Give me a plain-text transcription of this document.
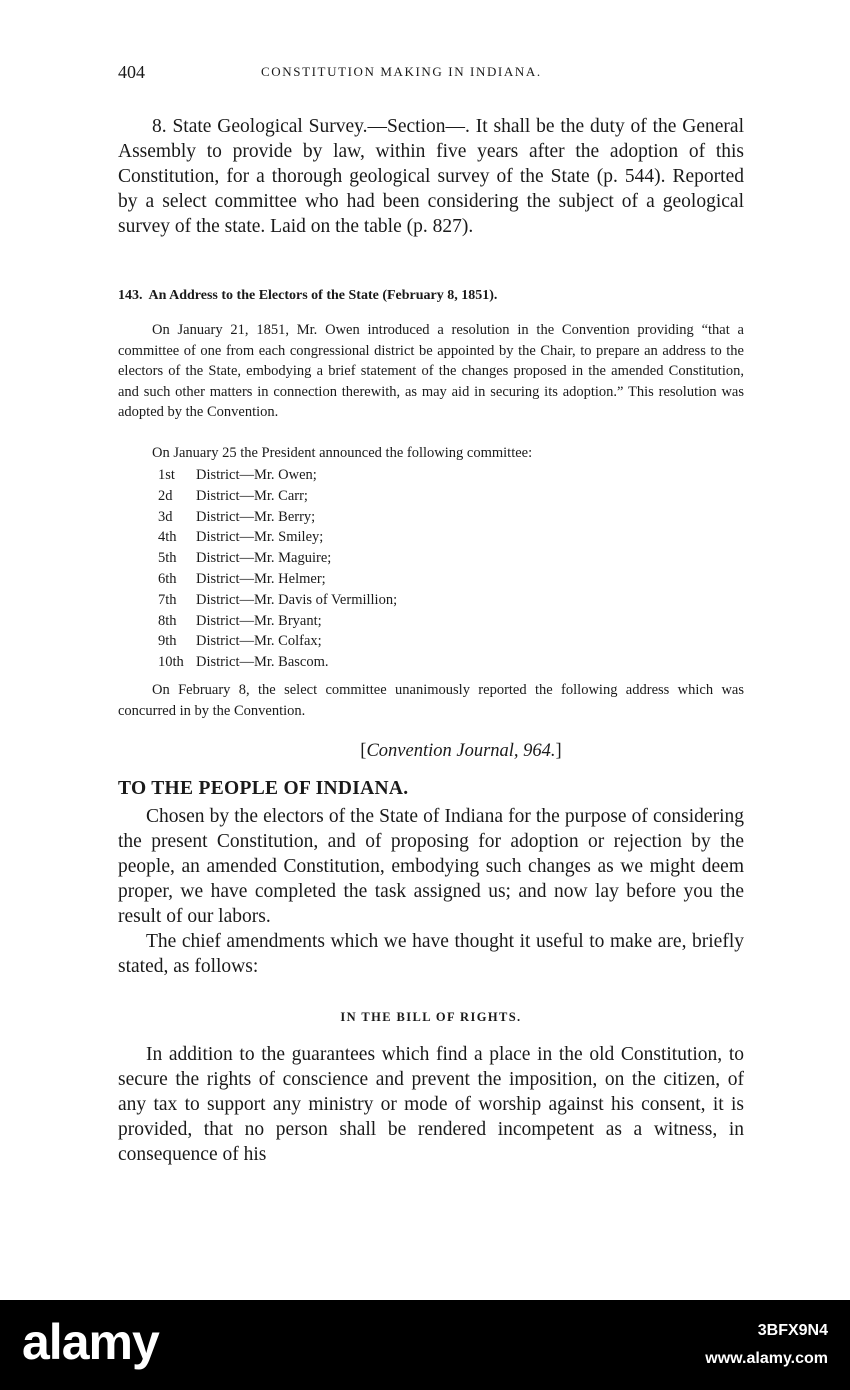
404	CONSTITUTION MAKING IN INDIANA.

8. State Geological Survey.—Section—. It shall be the duty of the General Assembly to provide by law, within five years after the adoption of this Constitution, for a thorough geological survey of the State (p. 544). Reported by a select committee who had been considering the subject of a geological survey of the state. Laid on the table (p. 827).

143. An Address to the Electors of the State (February 8, 1851).

On January 21, 1851, Mr. Owen introduced a resolution in the Convention providing “that a committee of one from each congressional district be appointed by the Chair, to prepare an address to the electors of the State, embodying a brief statement of the changes proposed in the amended Constitution, and such other matters in connection therewith, as may aid in securing its adoption.” This resolution was adopted by the Convention.

On January 25 the President announced the following committee:

1st District—Mr. Owen;
2d District—Mr. Carr;
3d District—Mr. Berry;
4th District—Mr. Smiley;
5th District—Mr. Maguire;
6th District—Mr. Helmer;
7th District—Mr. Davis of Vermillion;
8th District—Mr. Bryant;
9th District—Mr. Colfax;
10th District—Mr. Bascom.

On February 8, the select committee unanimously reported the following address which was concurred in by the Convention.

[Convention Journal, 964.]

TO THE PEOPLE OF INDIANA.

Chosen by the electors of the State of Indiana for the purpose of considering the present Constitution, and of proposing for adoption or rejection by the people, an amended Constitution, embodying such changes as we might deem proper, we have completed the task assigned us; and now lay before you the result of our labors.

The chief amendments which we have thought it useful to make are, briefly stated, as follows:

IN THE BILL OF RIGHTS.

In addition to the guarantees which find a place in the old Constitution, to secure the rights of conscience and prevent the imposition, on the citizen, of any tax to support any ministry or mode of worship against his consent, it is provided, that no person shall be rendered incompetent as a witness, in consequence of his

alamy	3BFX9N4
www.alamy.com
